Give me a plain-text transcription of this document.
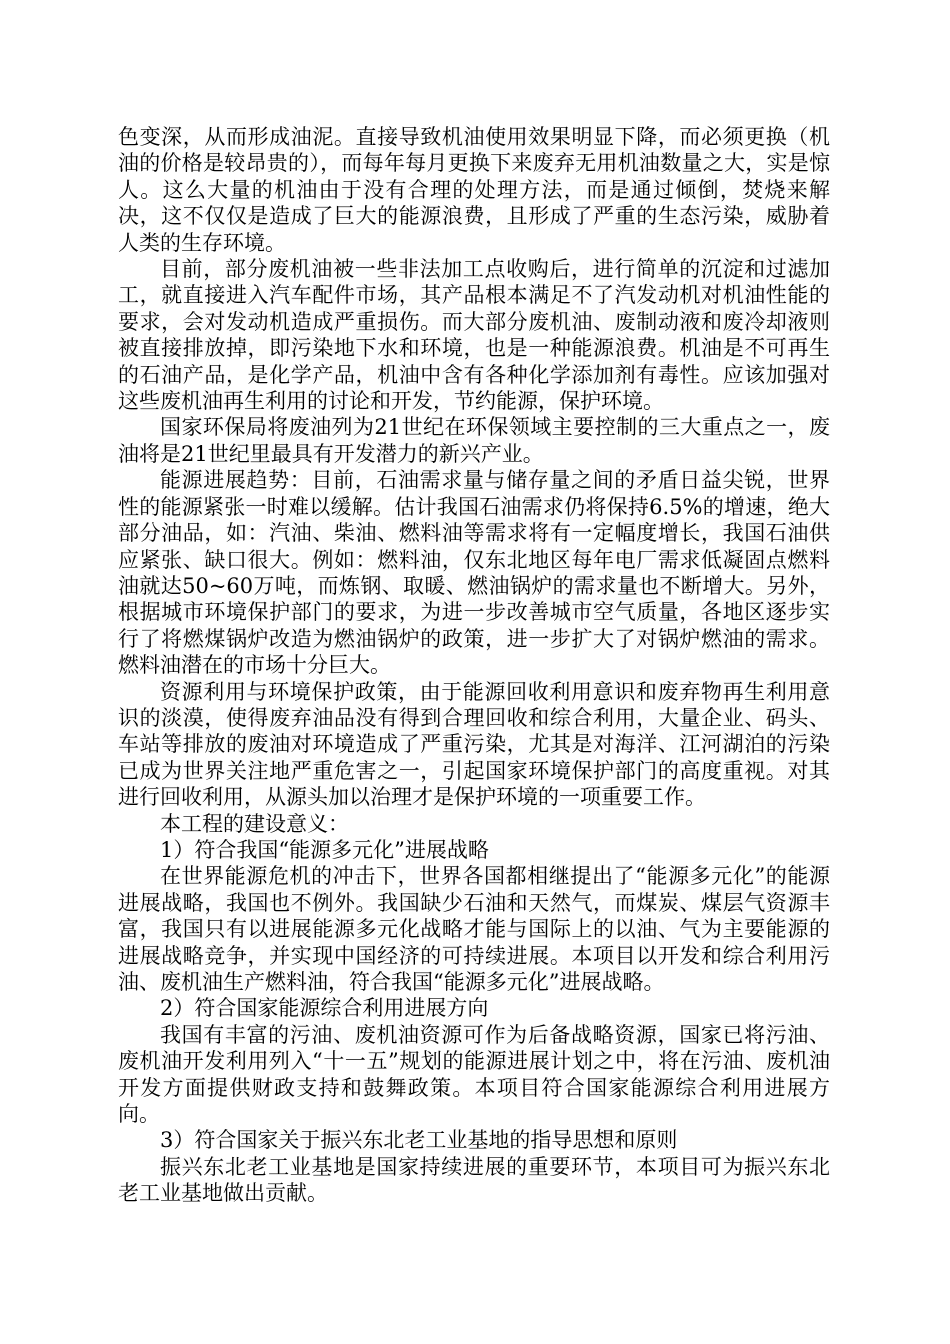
色变深，从而形成油泥。直接导致机油使用效果明显下降，而必须更换（机油的价格是较昂贵的），而每年每月更换下来废弃无用机油数量之大，实是惊人。这么大量的机油由于没有合理的处理方法，而是通过倾倒，焚烧来解决，这不仅仅是造成了巨大的能源浪费，且形成了严重的生态污染，威胁着人类的生存环境。

目前，部分废机油被一些非法加工点收购后，进行简单的沉淀和过滤加工，就直接进入汽车配件市场，其产品根本满足不了汽发动机对机油性能的要求，会对发动机造成严重损伤。而大部分废机油、废制动液和废冷却液则被直接排放掉，即污染地下水和环境，也是一种能源浪费。机油是不可再生的石油产品，是化学产品，机油中含有各种化学添加剂有毒性。应该加强对这些废机油再生利用的讨论和开发，节约能源，保护环境。

国家环保局将废油列为21世纪在环保领域主要控制的三大重点之一，废油将是21世纪里最具有开发潜力的新兴产业。

能源进展趋势：目前，石油需求量与储存量之间的矛盾日益尖锐，世界性的能源紧张一时难以缓解。估计我国石油需求仍将保持6.5%的增速，绝大部分油品，如：汽油、柴油、燃料油等需求将有一定幅度增长，我国石油供应紧张、缺口很大。例如：燃料油，仅东北地区每年电厂需求低凝固点燃料油就达50~60万吨，而炼钢、取暖、燃油锅炉的需求量也不断增大。另外，根据城市环境保护部门的要求，为进一步改善城市空气质量，各地区逐步实行了将燃煤锅炉改造为燃油锅炉的政策，进一步扩大了对锅炉燃油的需求。燃料油潜在的市场十分巨大。

资源利用与环境保护政策，由于能源回收利用意识和废弃物再生利用意识的淡漠，使得废弃油品没有得到合理回收和综合利用，大量企业、码头、车站等排放的废油对环境造成了严重污染，尤其是对海洋、江河湖泊的污染已成为世界关注地严重危害之一，引起国家环境保护部门的高度重视。对其进行回收利用，从源头加以治理才是保护环境的一项重要工作。

本工程的建设意义：

1）符合我国“能源多元化”进展战略

在世界能源危机的冲击下，世界各国都相继提出了“能源多元化”的能源进展战略，我国也不例外。我国缺少石油和天然气，而煤炭、煤层气资源丰富，我国只有以进展能源多元化战略才能与国际上的以油、气为主要能源的进展战略竞争，并实现中国经济的可持续进展。本项目以开发和综合利用污油、废机油生产燃料油，符合我国“能源多元化”进展战略。

2）符合国家能源综合利用进展方向

我国有丰富的污油、废机油资源可作为后备战略资源，国家已将污油、废机油开发利用列入“十一五”规划的能源进展计划之中，将在污油、废机油开发方面提供财政支持和鼓舞政策。本项目符合国家能源综合利用进展方向。

3）符合国家关于振兴东北老工业基地的指导思想和原则

振兴东北老工业基地是国家持续进展的重要环节，本项目可为振兴东北老工业基地做出贡献。
